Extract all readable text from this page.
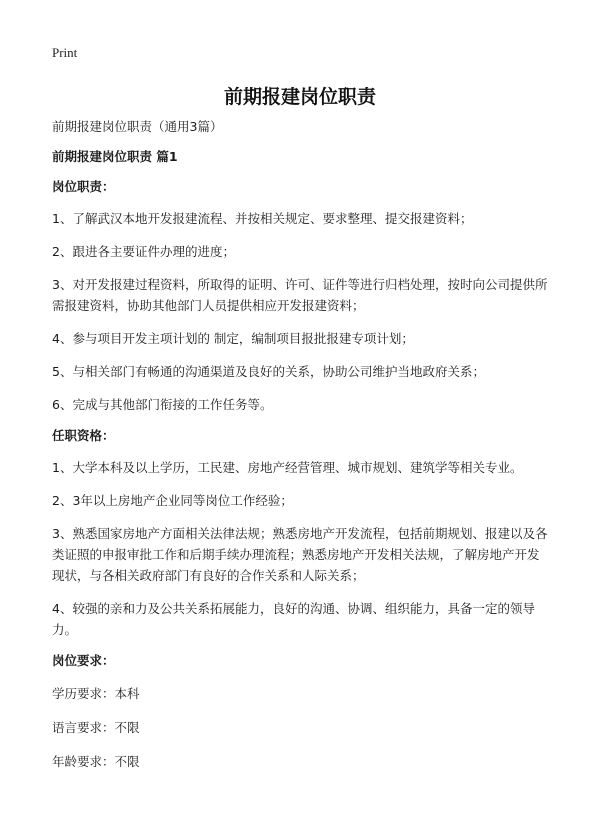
Print
前期报建岗位职责
前期报建岗位职责（通用3篇）
前期报建岗位职责 篇1
岗位职责：
1、了解武汉本地开发报建流程、并按相关规定、要求整理、提交报建资料；
2、跟进各主要证件办理的进度；
3、对开发报建过程资料，所取得的证明、许可、证件等进行归档处理，按时向公司提供所需报建资料，协助其他部门人员提供相应开发报建资料；
4、参与项目开发主项计划的 制定，编制项目报批报建专项计划；
5、与相关部门有畅通的沟通渠道及良好的关系，协助公司维护当地政府关系；
6、完成与其他部门衔接的工作任务等。
任职资格：
1、大学本科及以上学历，工民建、房地产经营管理、城市规划、建筑学等相关专业。
2、3年以上房地产企业同等岗位工作经验；
3、熟悉国家房地产方面相关法律法规；熟悉房地产开发流程，包括前期规划、报建以及各类证照的申报审批工作和后期手续办理流程；熟悉房地产开发相关法规，了解房地产开发现状，与各相关政府部门有良好的合作关系和人际关系；
4、较强的亲和力及公共关系拓展能力，良好的沟通、协调、组织能力，具备一定的领导力。
岗位要求：
学历要求：本科
语言要求：不限
年龄要求：不限
